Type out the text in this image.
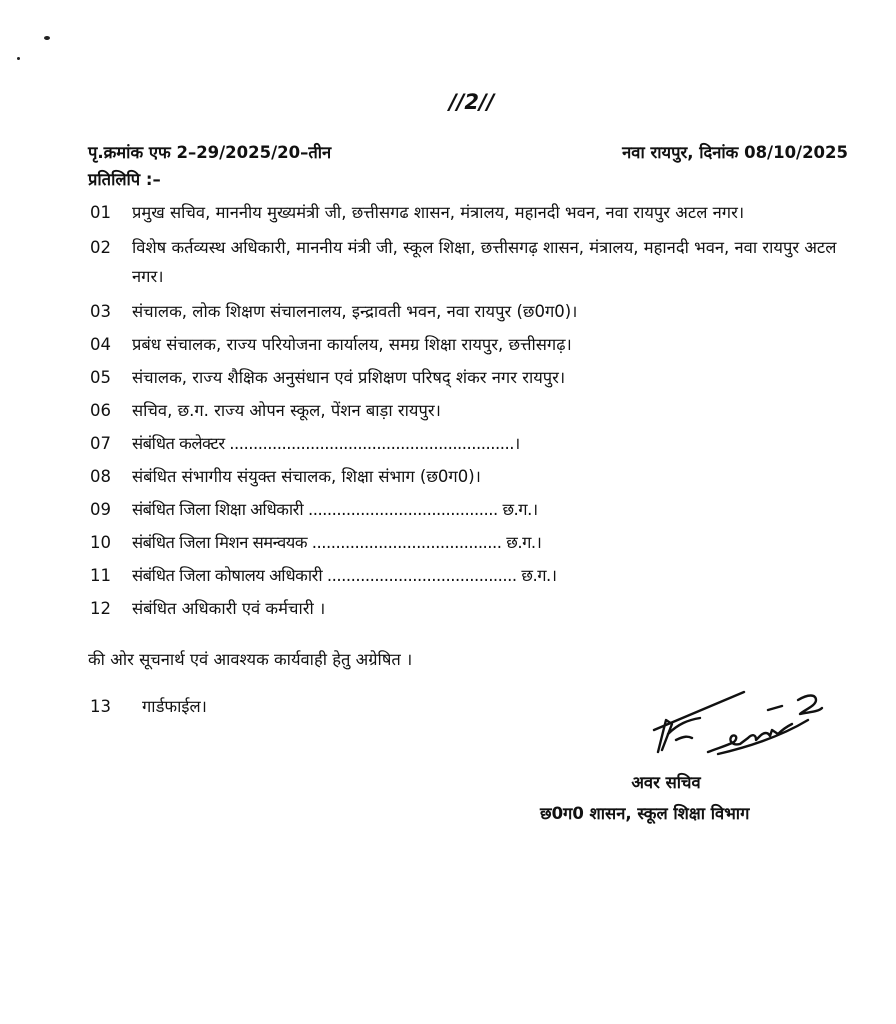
//2//
पृ.क्रमांक एफ 2–29/2025/20–तीन	नवा रायपुर, दिनांक 08/10/2025
प्रतिलिपि :–
01 प्रमुख सचिव, माननीय मुख्यमंत्री जी, छत्तीसगढ शासन, मंत्रालय, महानदी भवन, नवा रायपुर अटल नगर।
02 विशेष कर्तव्यस्थ अधिकारी, माननीय मंत्री जी, स्कूल शिक्षा, छत्तीसगढ़ शासन, मंत्रालय, महानदी भवन, नवा रायपुर अटल नगर।
03 संचालक, लोक शिक्षण संचालनालय, इन्द्रावती भवन, नवा रायपुर (छ0ग0)।
04 प्रबंध संचालक, राज्य परियोजना कार्यालय, समग्र शिक्षा रायपुर, छत्तीसगढ़।
05 संचालक, राज्य शैक्षिक अनुसंधान एवं प्रशिक्षण परिषद् शंकर नगर रायपुर।
06 सचिव, छ.ग. राज्य ओपन स्कूल, पेंशन बाड़ा रायपुर।
07 संबंधित कलेक्टर ............................................................।
08 संबंधित संभागीय संयुक्त संचालक, शिक्षा संभाग (छ0ग0)।
09 संबंधित जिला शिक्षा अधिकारी ........................................ छ.ग.।
10 संबंधित जिला मिशन समन्वयक ........................................ छ.ग.।
11 संबंधित जिला कोषालय अधिकारी ........................................ छ.ग.।
12 संबंधित अधिकारी एवं कर्मचारी ।
की ओर सूचनार्थ एवं आवश्यक कार्यवाही हेतु अग्रेषित ।
13 गार्डफाईल।
अवर सचिव
छ0ग0 शासन, स्कूल शिक्षा विभाग
